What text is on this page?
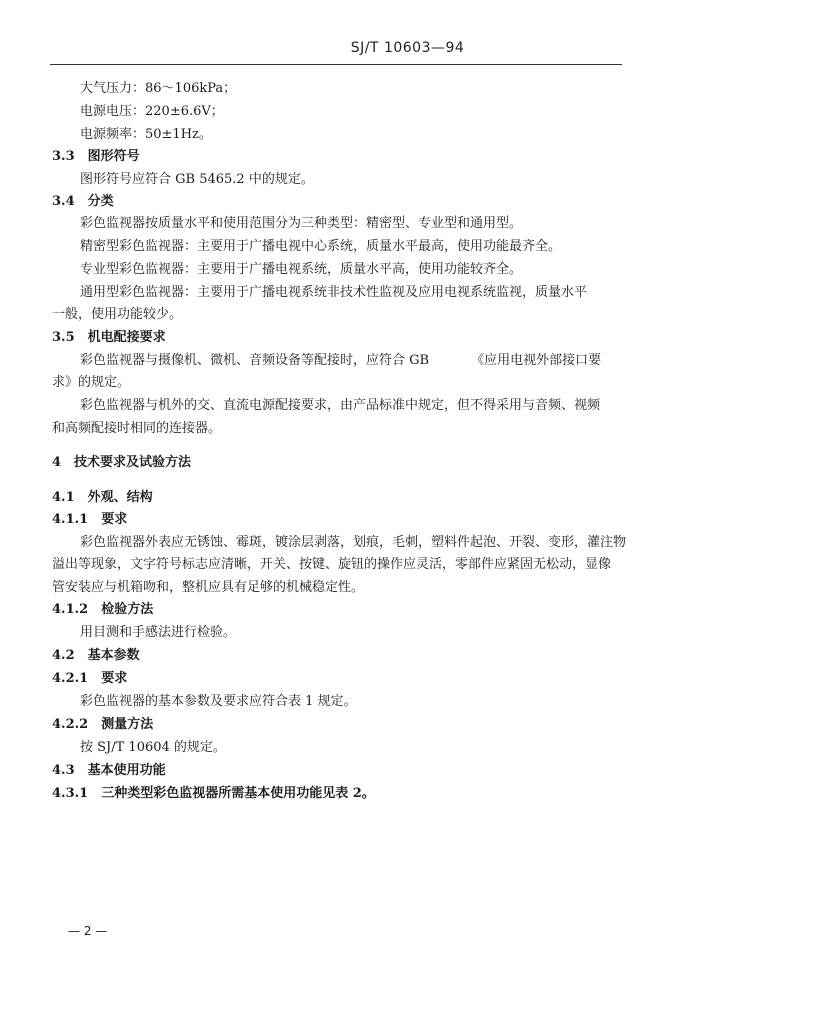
SJ/T 10603—94
大气压力：86～106kPa；
电源电压：220±6.6V；
电源频率：50±1Hz。
3.3　图形符号
图形符号应符合 GB 5465.2 中的规定。
3.4　分类
彩色监视器按质量水平和使用范围分为三种类型：精密型、专业型和通用型。
精密型彩色监视器：主要用于广播电视中心系统，质量水平最高，使用功能最齐全。
专业型彩色监视器：主要用于广播电视系统，质量水平高，使用功能较齐全。
通用型彩色监视器：主要用于广播电视系统非技术性监视及应用电视系统监视，质量水平
一般，使用功能较少。
3.5　机电配接要求
彩色监视器与摄像机、微机、音频设备等配接时，应符合 GB	《应用电视外部接口要
求》的规定。
彩色监视器与机外的交、直流电源配接要求，由产品标准中规定，但不得采用与音频、视频
和高频配接时相同的连接器。
4　技术要求及试验方法
4.1　外观、结构
4.1.1　要求
彩色监视器外表应无锈蚀、霉斑，镀涂层剥落，划痕，毛刺，塑料件起泡、开裂、变形，灌注物
溢出等现象，文字符号标志应清晰，开关、按键、旋钮的操作应灵活，零部件应紧固无松动，显像
管安装应与机箱吻和，整机应具有足够的机械稳定性。
4.1.2　检验方法
用目测和手感法进行检验。
4.2　基本参数
4.2.1　要求
彩色监视器的基本参数及要求应符合表 1 规定。
4.2.2　测量方法
按 SJ/T 10604 的规定。
4.3　基本使用功能
4.3.1　三种类型彩色监视器所需基本使用功能见表 2。
— 2 —
